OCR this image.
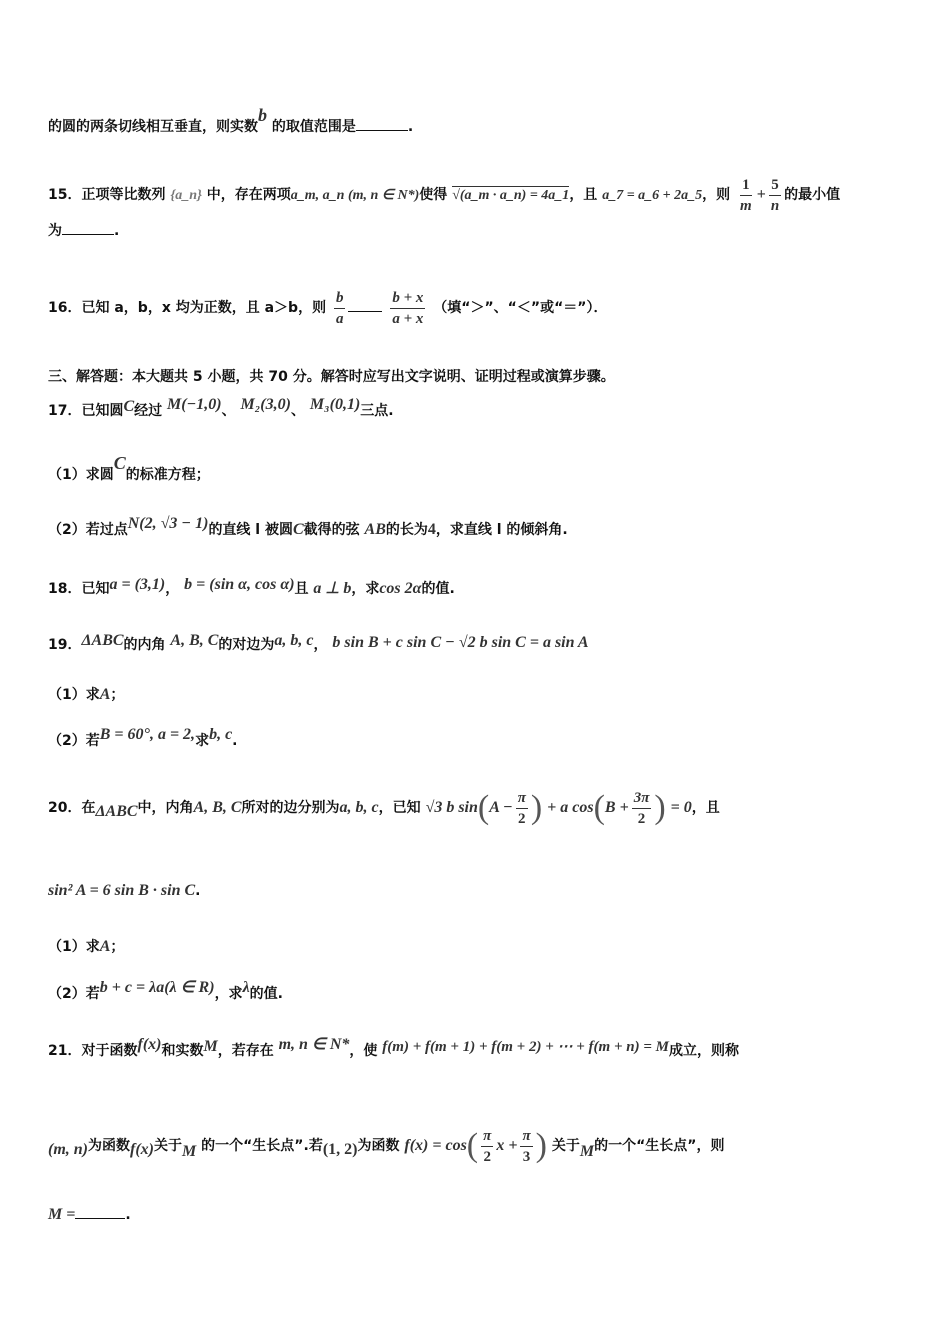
的圆的两条切线相互垂直，则实数b 的取值范围是	.
15．正项等比数列 {a_n} 中，存在两项a_m, a_n (m, n ∈ N*)使得 √(a_m · a_n) = 4a_1，且 a_7 = a_6 + 2a_5，则 $\frac{1}{m} + \frac{5}{n}$ 的最小值
为	.
16．已知 a，b，x 均为正数，且 a＞b，则 $\frac{b}{a}$
	$\frac{b + x}{a + x}$ （填“＞”、“＜”或“＝”）．
三、解答题：本大题共 5 小题，共 70 分。解答时应写出文字说明、证明过程或演算步骤。
17．已知圆C经过 M(−1,0)、 M₂(3,0)、 M₃(0,1)三点.
（1）求圆C的标准方程；
（2）若过点N(2, √3 − 1)的直线 l 被圆C截得的弦 AB的长为4，求直线 l 的倾斜角.
18．已知a = (3,1)， b = (sin α, cos α)且 a ⊥ b，求cos 2α的值.
19．ΔABC的内角 A, B, C的对边为a, b, c， b sin B + c sin C − √2 b sin C = a sin A
（1）求A；
（2）若B = 60°, a = 2,求b, c.
20．在ΔABC中，内角A, B, C所对的边分别为a, b, c，已知 √3 b $\sin(A - \frac{\pi}{2}$ ) + a $\cos(B + \frac{3\pi}{2}$ ) = 0，且
sin² A = 6 sin B · sin C.
（1）求A；
（2）若b + c = λa(λ ∈ R)，求λ的值.
21．对于函数f(x)和实数M，若存在 m, n ∈ N*，使 f(m) + f(m + 1) + f(m + 2) + ⋯ + f(m + n) = M成立，则称
(m, n)为函数f(x)关于M 的一个“生长点”.若(1, 2)为函数 $f(x) = \cos( \frac{\pi}{2}$ $x + \frac{\pi}{3}$ ) 关于M的一个“生长点”，则
M =	.
